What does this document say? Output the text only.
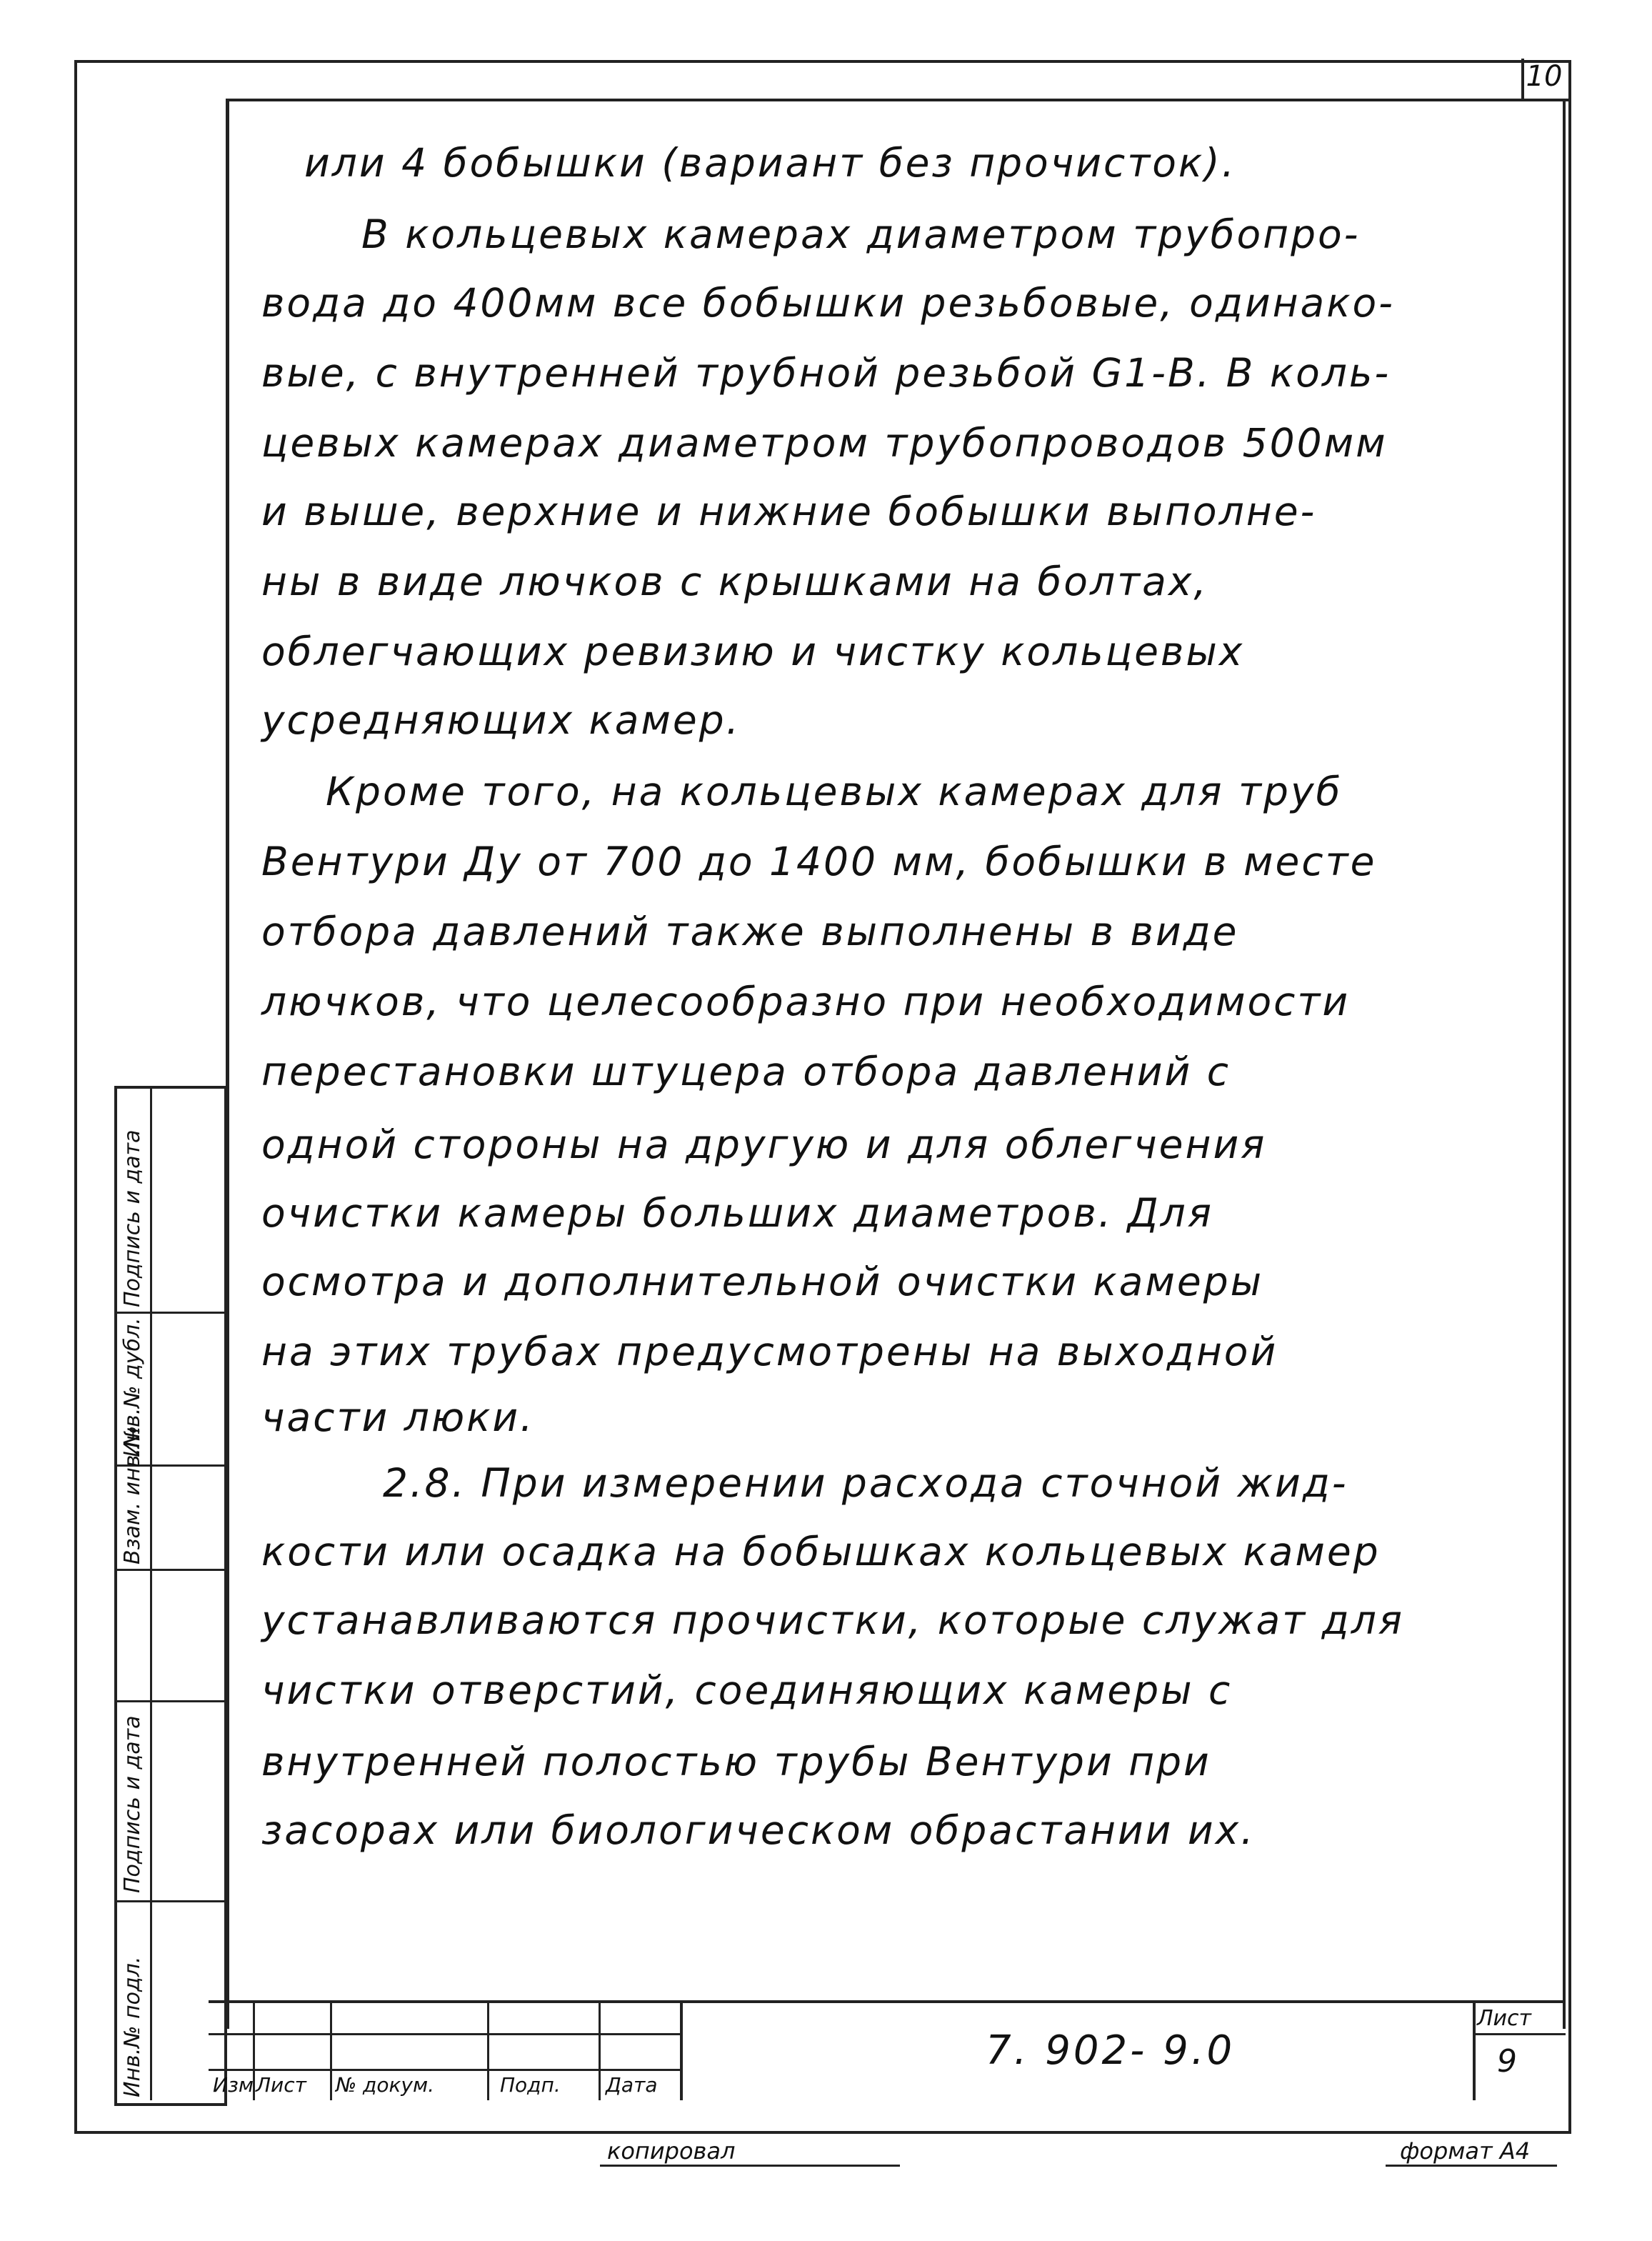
10
или 4 бобышки (вариант без прочисток).
В кольцевых камерах диаметром трубопро-
вода до 400мм все бобышки резьбовые, одинако-
вые, с внутренней трубной резьбой G1-В. В коль-
цевых камерах диаметром трубопроводов 500мм
и выше, верхние и нижние бобышки выполне-
ны в виде лючков с крышками на болтах,
облегчающих ревизию и чистку кольцевых
усредняющих камер.
Кроме того, на кольцевых камерах для труб
Вентури Ду от 700 до 1400 мм, бобышки в месте
отбора давлений также выполнены в виде
лючков, что целесообразно при необходимости
перестановки штуцера отбора давлений с
одной стороны на другую и для облегчения
очистки камеры больших диаметров. Для
осмотра и дополнительной очистки камеры
на этих трубах предусмотрены на выходной
части люки.
2.8. При измерении расхода сточной жид-
кости или осадка на бобышках кольцевых камер
устанавливаются прочистки, которые служат для
чистки отверстий, соединяющих камеры с
внутренней полостью трубы Вентури при
засорах или биологическом обрастании их.
Подпись и дата
Инв.№ дубл.
Взам. инв.№
Подпись и дата
Инв.№ подл.	Изм Лист № докум.	Подп. Дата
7. 902- 9.0
Лист
9
копировал	формат А4
